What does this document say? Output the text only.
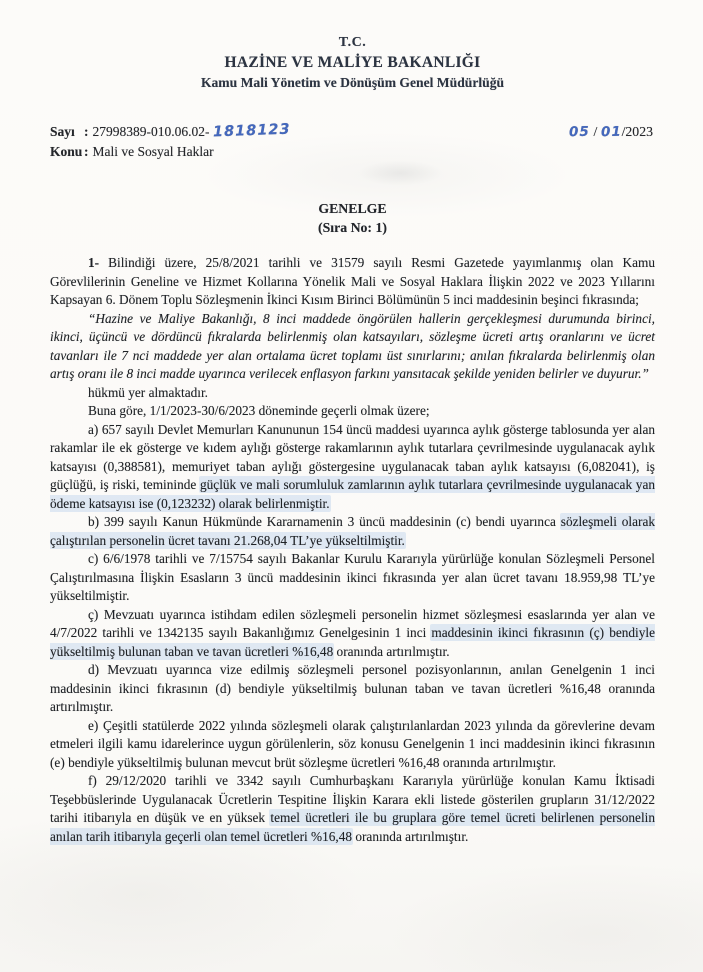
T.C.
HAZİNE VE MALİYE BAKANLIĞI
Kamu Mali Yönetim ve Dönüşüm Genel Müdürlüğü
Sayı : 27998389-010.06.02- 1818123
Konu : Mali ve Sosyal Haklar
05 / 01/2023
GENELGE
(Sıra No: 1)

1- Bilindiği üzere, 25/8/2021 tarihli ve 31579 sayılı Resmi Gazetede yayımlanmış olan Kamu Görevlilerinin Geneline ve Hizmet Kollarına Yönelik Mali ve Sosyal Haklara İlişkin 2022 ve 2023 Yıllarını Kapsayan 6. Dönem Toplu Sözleşmenin İkinci Kısım Birinci Bölümünün 5 inci maddesinin beşinci fıkrasında;

“Hazine ve Maliye Bakanlığı, 8 inci maddede öngörülen hallerin gerçekleşmesi durumunda birinci, ikinci, üçüncü ve dördüncü fıkralarda belirlenmiş olan katsayıları, sözleşme ücreti artış oranlarını ve ücret tavanları ile 7 nci maddede yer alan ortalama ücret toplamı üst sınırlarını; anılan fıkralarda belirlenmiş olan artış oranı ile 8 inci madde uyarınca verilecek enflasyon farkını yansıtacak şekilde yeniden belirler ve duyurur.”

hükmü yer almaktadır.

Buna göre, 1/1/2023-30/6/2023 döneminde geçerli olmak üzere;

a) 657 sayılı Devlet Memurları Kanununun 154 üncü maddesi uyarınca aylık gösterge tablosunda yer alan rakamlar ile ek gösterge ve kıdem aylığı gösterge rakamlarının aylık tutarlara çevrilmesinde uygulanacak aylık katsayısı (0,388581), memuriyet taban aylığı göstergesine uygulanacak taban aylık katsayısı (6,082041), iş güçlüğü, iş riski, temininde güçlük ve mali sorumluluk zamlarının aylık tutarlara çevrilmesinde uygulanacak yan ödeme katsayısı ise (0,123232) olarak belirlenmiştir.

b) 399 sayılı Kanun Hükmünde Kararnamenin 3 üncü maddesinin (c) bendi uyarınca sözleşmeli olarak çalıştırılan personelin ücret tavanı 21.268,04 TL’ye yükseltilmiştir.

c) 6/6/1978 tarihli ve 7/15754 sayılı Bakanlar Kurulu Kararıyla yürürlüğe konulan Sözleşmeli Personel Çalıştırılmasına İlişkin Esasların 3 üncü maddesinin ikinci fıkrasında yer alan ücret tavanı 18.959,98 TL’ye yükseltilmiştir.

ç) Mevzuatı uyarınca istihdam edilen sözleşmeli personelin hizmet sözleşmesi esaslarında yer alan ve 4/7/2022 tarihli ve 1342135 sayılı Bakanlığımız Genelgesinin 1 inci maddesinin ikinci fıkrasının (ç) bendiyle yükseltilmiş bulunan taban ve tavan ücretleri %16,48 oranında artırılmıştır.

d) Mevzuatı uyarınca vize edilmiş sözleşmeli personel pozisyonlarının, anılan Genelgenin 1 inci maddesinin ikinci fıkrasının (d) bendiyle yükseltilmiş bulunan taban ve tavan ücretleri %16,48 oranında artırılmıştır.

e) Çeşitli statülerde 2022 yılında sözleşmeli olarak çalıştırılanlardan 2023 yılında da görevlerine devam etmeleri ilgili kamu idarelerince uygun görülenlerin, söz konusu Genelgenin 1 inci maddesinin ikinci fıkrasının (e) bendiyle yükseltilmiş bulunan mevcut brüt sözleşme ücretleri %16,48 oranında artırılmıştır.

f) 29/12/2020 tarihli ve 3342 sayılı Cumhurbaşkanı Kararıyla yürürlüğe konulan Kamu İktisadi Teşebbüslerinde Uygulanacak Ücretlerin Tespitine İlişkin Karara ekli listede gösterilen grupların 31/12/2022 tarihi itibarıyla en düşük ve en yüksek temel ücretleri ile bu gruplara göre temel ücreti belirlenen personelin anılan tarih itibarıyla geçerli olan temel ücretleri %16,48 oranında artırılmıştır.
